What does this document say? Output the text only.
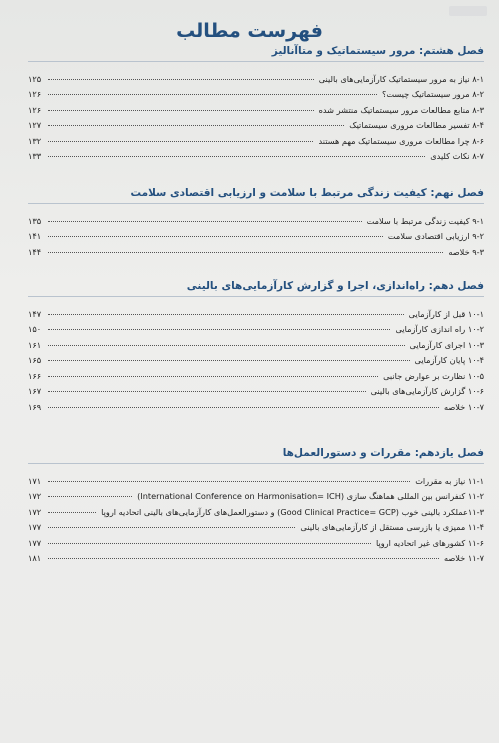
فهرست مطالب
فصل هشتم: مرور سیستماتیک و متاآنالیز
۸-۱ نیاز به مرور سیستماتیک کارآزمایی‌های بالینی
۱۲۵
۸-۲ مرور سیستماتیک چیست؟
۱۲۶
۸-۳ منابع مطالعات مرور سیستماتیک منتشر شده
۱۲۶
۸-۴ تفسیر مطالعات مروری سیستماتیک
۱۲۷
۸-۶ چرا مطالعات مروری سیستماتیک مهم هستند
۱۳۲
۸-۷ نکات کلیدی
۱۳۳
فصل نهم: کیفیت زندگی مرتبط با سلامت و ارزیابی اقتصادی سلامت
۹-۱ کیفیت زندگی مرتبط با سلامت
۱۳۵
۹-۲ ارزیابی اقتصادی سلامت
۱۴۱
۹-۳ خلاصه
۱۴۴
فصل دهم: راه‌اندازی، اجرا و گزارش کارآزمایی‌های بالینی
۱۰-۱ قبل از کارآزمایی
۱۴۷
۱۰-۲ راه اندازی کارآزمایی
۱۵۰
۱۰-۳ اجرای کارآزمایی
۱۶۱
۱۰-۴ پایان کارآزمایی
۱۶۵
۱۰-۵ نظارت بر عوارض جانبی
۱۶۶
۱۰-۶ گزارش کارآزمایی‌های بالینی
۱۶۷
۱۰-۷ خلاصه
۱۶۹
فصل یازدهم: مقررات و دستورالعمل‌ها
۱۱-۱ نیاز به مقررات
۱۷۱
۱۱-۲ کنفرانس بین المللی هماهنگ سازی (International Conference on Harmonisation= ICH)
۱۷۲
۱۱-۳عملکرد بالینی خوب (Good Clinical Practice= GCP) و دستورالعمل‌های کارآزمایی‌های بالینی اتحادیه اروپا
۱۷۲
۱۱-۴ ممیزی یا بازرسی مستقل از کارآزمایی‌های بالینی
۱۷۷
۱۱-۶ کشورهای غیر اتحادیه اروپا
۱۷۷
۱۱-۷ خلاصه
۱۸۱
